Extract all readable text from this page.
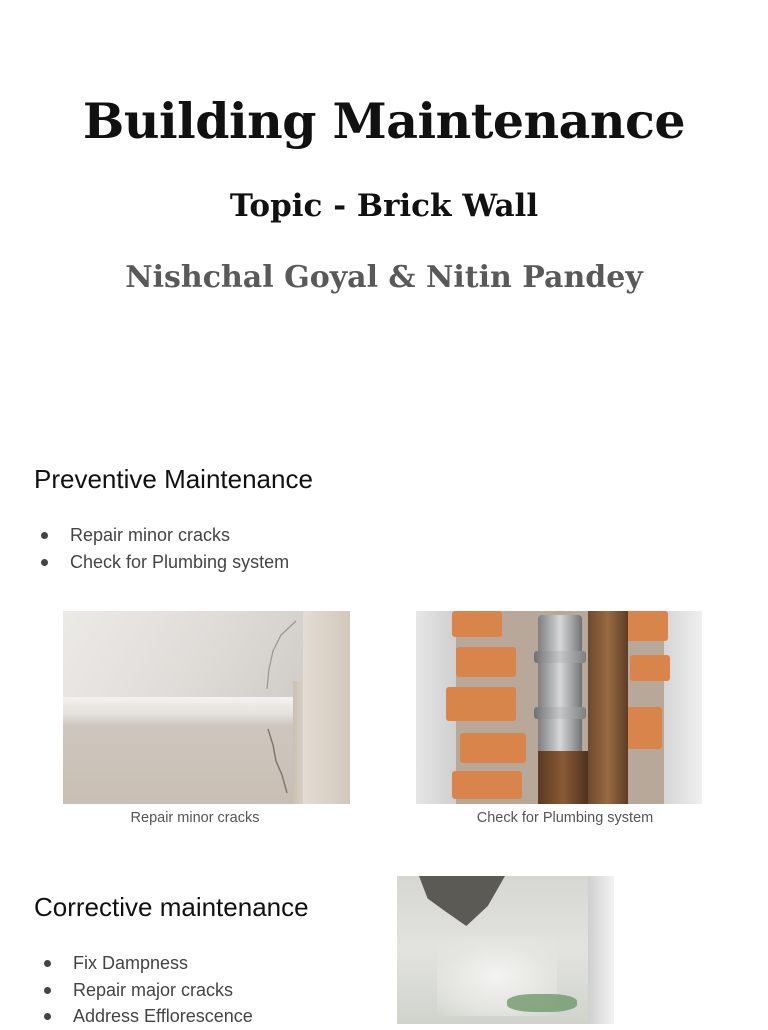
Building Maintenance
Topic - Brick Wall
Nishchal Goyal & Nitin Pandey
Preventive Maintenance
Repair minor cracks
Check for Plumbing system
Repair minor cracks	Check for Plumbing system
Corrective maintenance
Fix Dampness
Repair major cracks
Address Efflorescence
